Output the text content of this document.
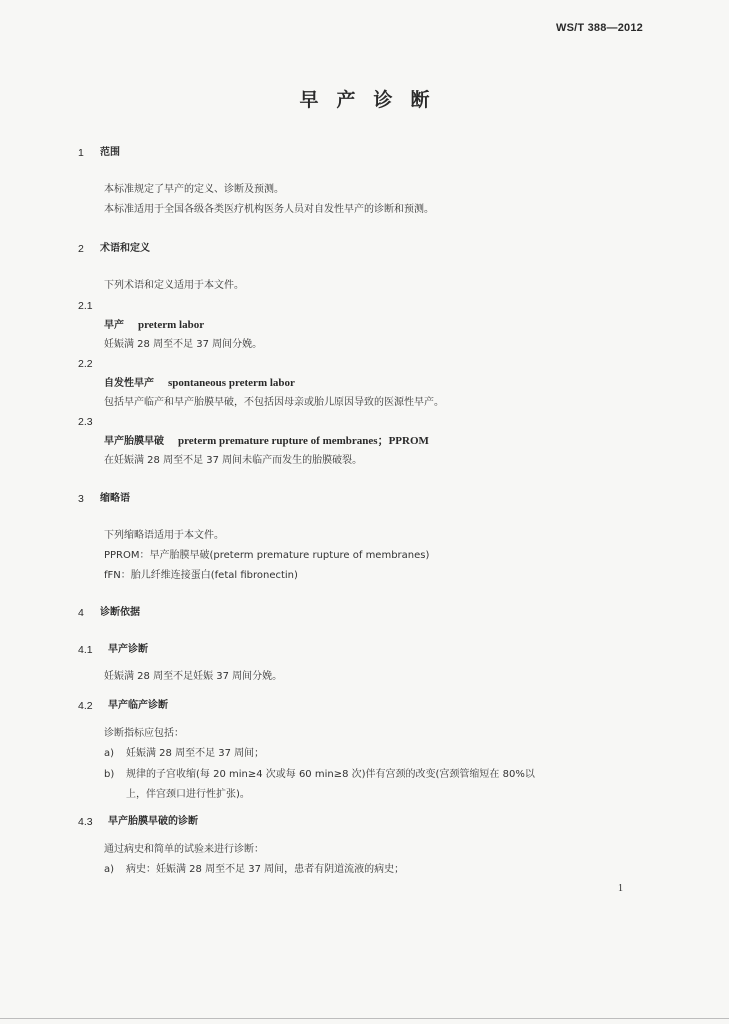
WS/T 388—2012
早产诊断
1 范围
本标准规定了早产的定义、诊断及预测。
本标准适用于全国各级各类医疗机构医务人员对自发性早产的诊断和预测。
2 术语和定义
下列术语和定义适用于本文件。
2.1
早产 preterm labor
妊娠满 28 周至不足 37 周间分娩。
2.2
自发性早产 spontaneous preterm labor
包括早产临产和早产胎膜早破，不包括因母亲或胎儿原因导致的医源性早产。
2.3
早产胎膜早破 preterm premature rupture of membranes；PPROM
在妊娠满 28 周至不足 37 周间未临产而发生的胎膜破裂。
3 缩略语
下列缩略语适用于本文件。
PPROM：早产胎膜早破(preterm premature rupture of membranes)
fFN：胎儿纤维连接蛋白(fetal fibronectin)
4 诊断依据
4.1 早产诊断
妊娠满 28 周至不足妊娠 37 周间分娩。
4.2 早产临产诊断
诊断指标应包括：
a) 妊娠满 28 周至不足 37 周间；
b) 规律的子宫收缩(每 20 min≥4 次或每 60 min≥8 次)伴有宫颈的改变(宫颈管缩短在 80%以
上，伴宫颈口进行性扩张)。
4.3 早产胎膜早破的诊断
通过病史和简单的试验来进行诊断：
a) 病史：妊娠满 28 周至不足 37 周间，患者有阴道流液的病史；
1
